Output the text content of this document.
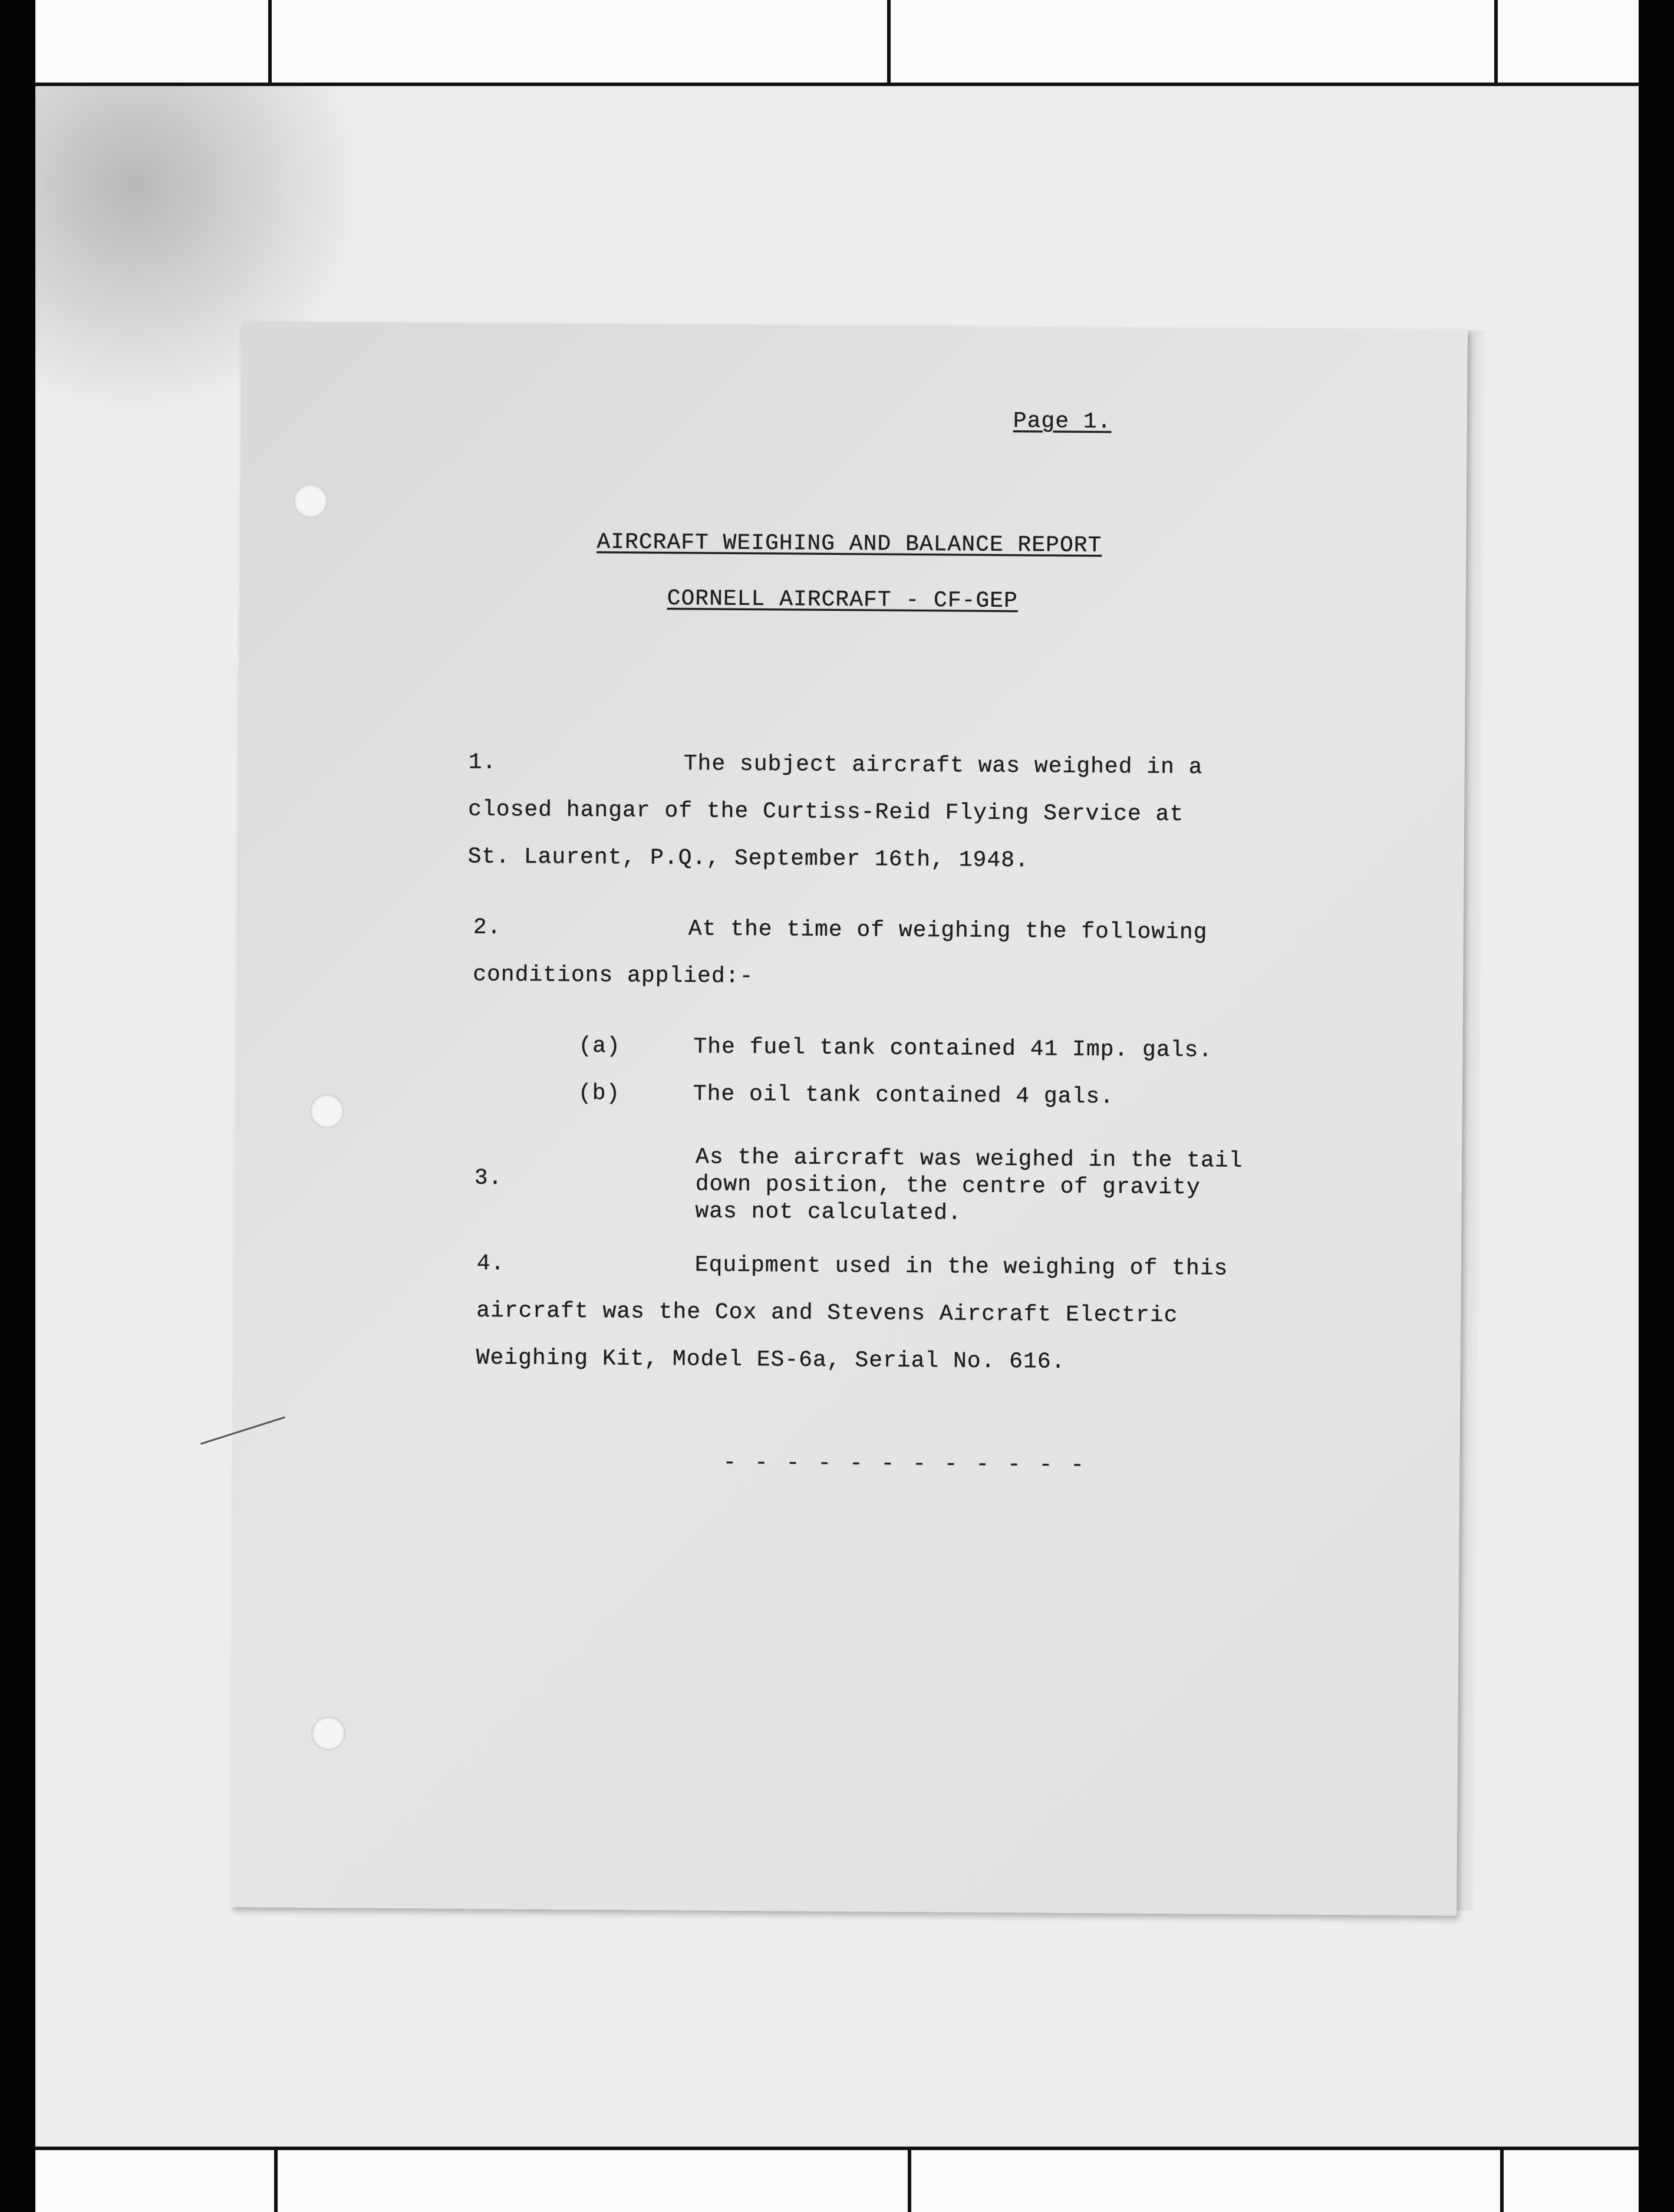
Page 1.
AIRCRAFT WEIGHING AND BALANCE REPORT
CORNELL AIRCRAFT - CF-GEP
1.	The subject aircraft was weighed in a
closed hangar of the Curtiss-Reid Flying Service at
St. Laurent, P.Q., September 16th, 1948.
2.	At the time of weighing the following
conditions applied:-
(a)	The fuel tank contained 41 Imp. gals.
(b)	The oil tank contained 4 gals.
3.
As the aircraft was weighed in the tail
down position, the centre of gravity
was not calculated.
4.	Equipment used in the weighing of this
aircraft was the Cox and Stevens Aircraft Electric
Weighing Kit, Model ES-6a, Serial No. 616.
- - - - - - - - - - - -
